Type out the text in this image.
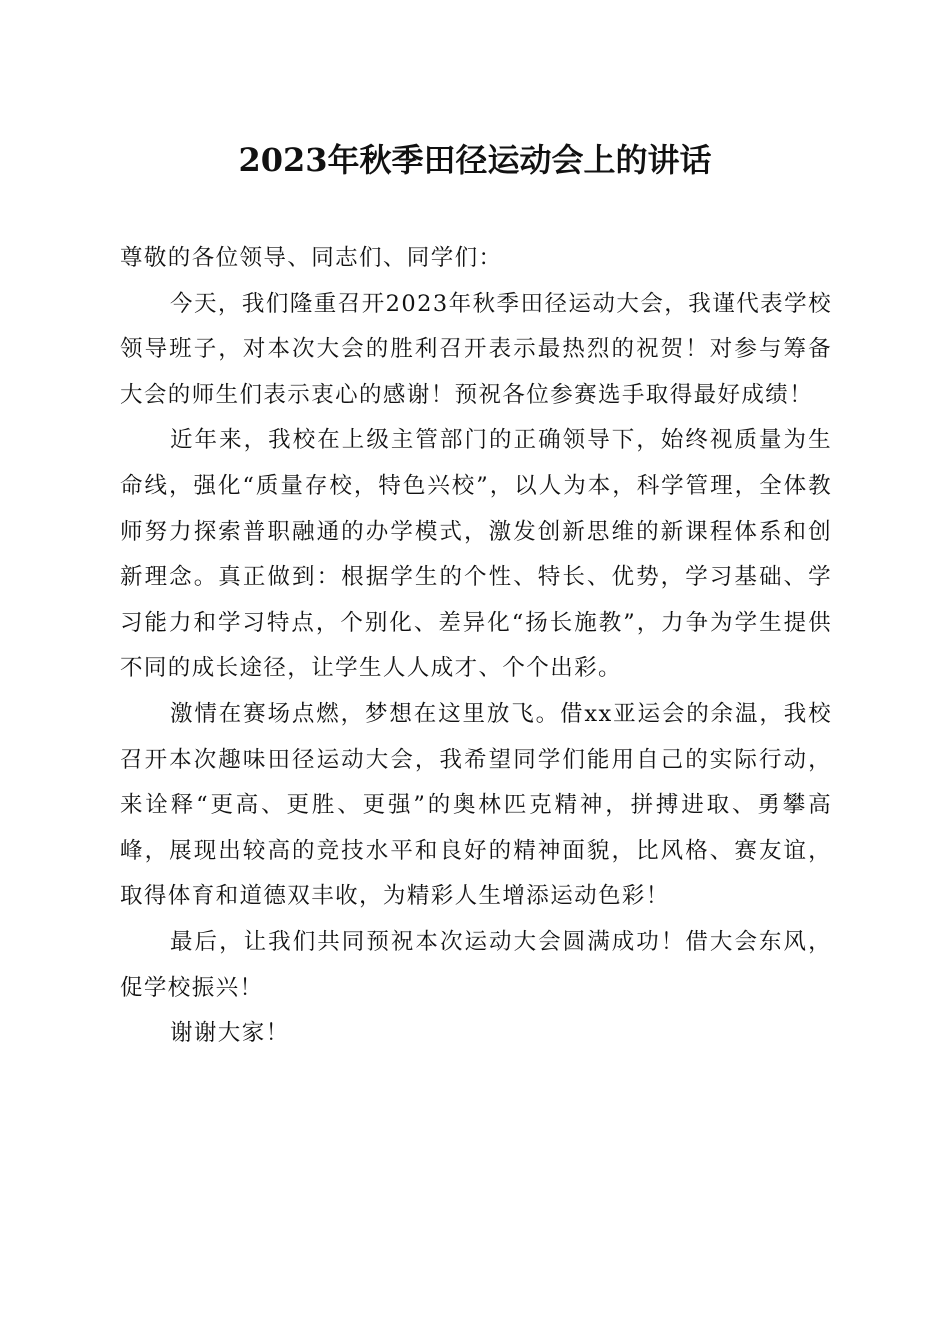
2023年秋季田径运动会上的讲话

尊敬的各位领导、同志们、同学们：

今天，我们隆重召开2023年秋季田径运动大会，我谨代表学校领导班子，对本次大会的胜利召开表示最热烈的祝贺！对参与筹备大会的师生们表示衷心的感谢！预祝各位参赛选手取得最好成绩！

近年来，我校在上级主管部门的正确领导下，始终视质量为生命线，强化“质量存校，特色兴校”，以人为本，科学管理，全体教师努力探索普职融通的办学模式，激发创新思维的新课程体系和创新理念。真正做到：根据学生的个性、特长、优势，学习基础、学习能力和学习特点，个别化、差异化“扬长施教”，力争为学生提供不同的成长途径，让学生人人成才、个个出彩。

激情在赛场点燃，梦想在这里放飞。借xx亚运会的余温，我校召开本次趣味田径运动大会，我希望同学们能用自己的实际行动，来诠释“更高、更胜、更强”的奥林匹克精神，拼搏进取、勇攀高峰，展现出较高的竞技水平和良好的精神面貌，比风格、赛友谊，取得体育和道德双丰收，为精彩人生增添运动色彩！

最后，让我们共同预祝本次运动大会圆满成功！借大会东风，促学校振兴！

谢谢大家！
